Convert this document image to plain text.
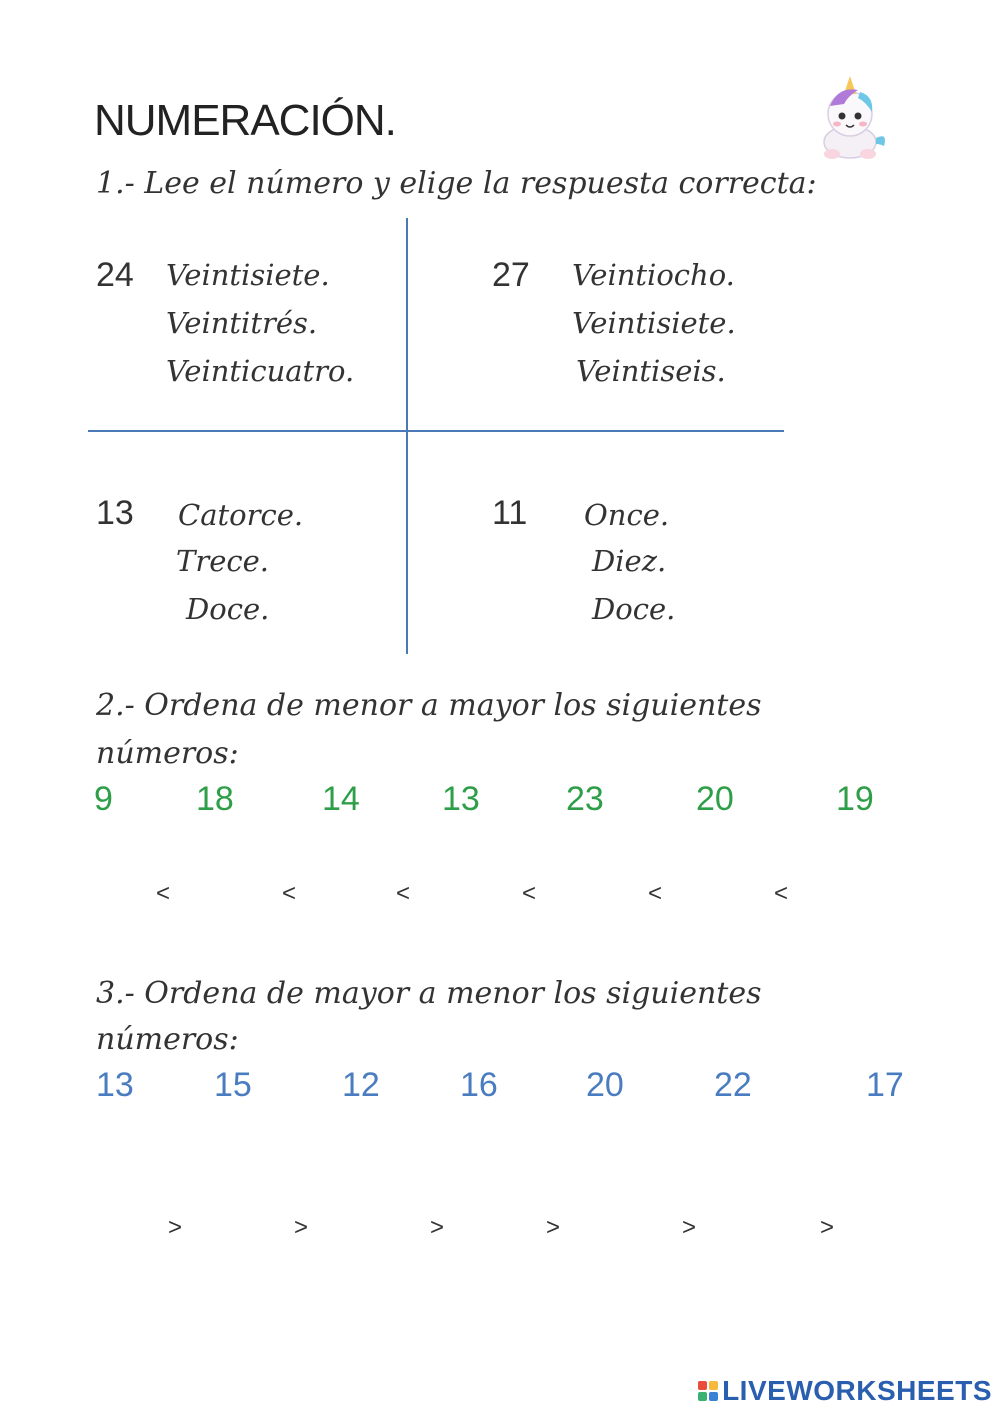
NUMERACIÓN.
1.- Lee el número y elige la respuesta correcta:
24 Veintisiete.
Veintitrés.
Veinticuatro.
27 Veintiocho.
Veintisiete.
Veintiseis.
13 Catorce.
Trece.
Doce.
11 Once.
Diez.
Doce.
2.- Ordena de menor a mayor los siguientes
números:
9 18	14 13	23	20	19
<	<	<	<	<	<
3.- Ordena de mayor a menor los siguientes
números:
13 15	12 16	20	22	17
>	>	>	>	>	>
LIVEWORKSHEETS
